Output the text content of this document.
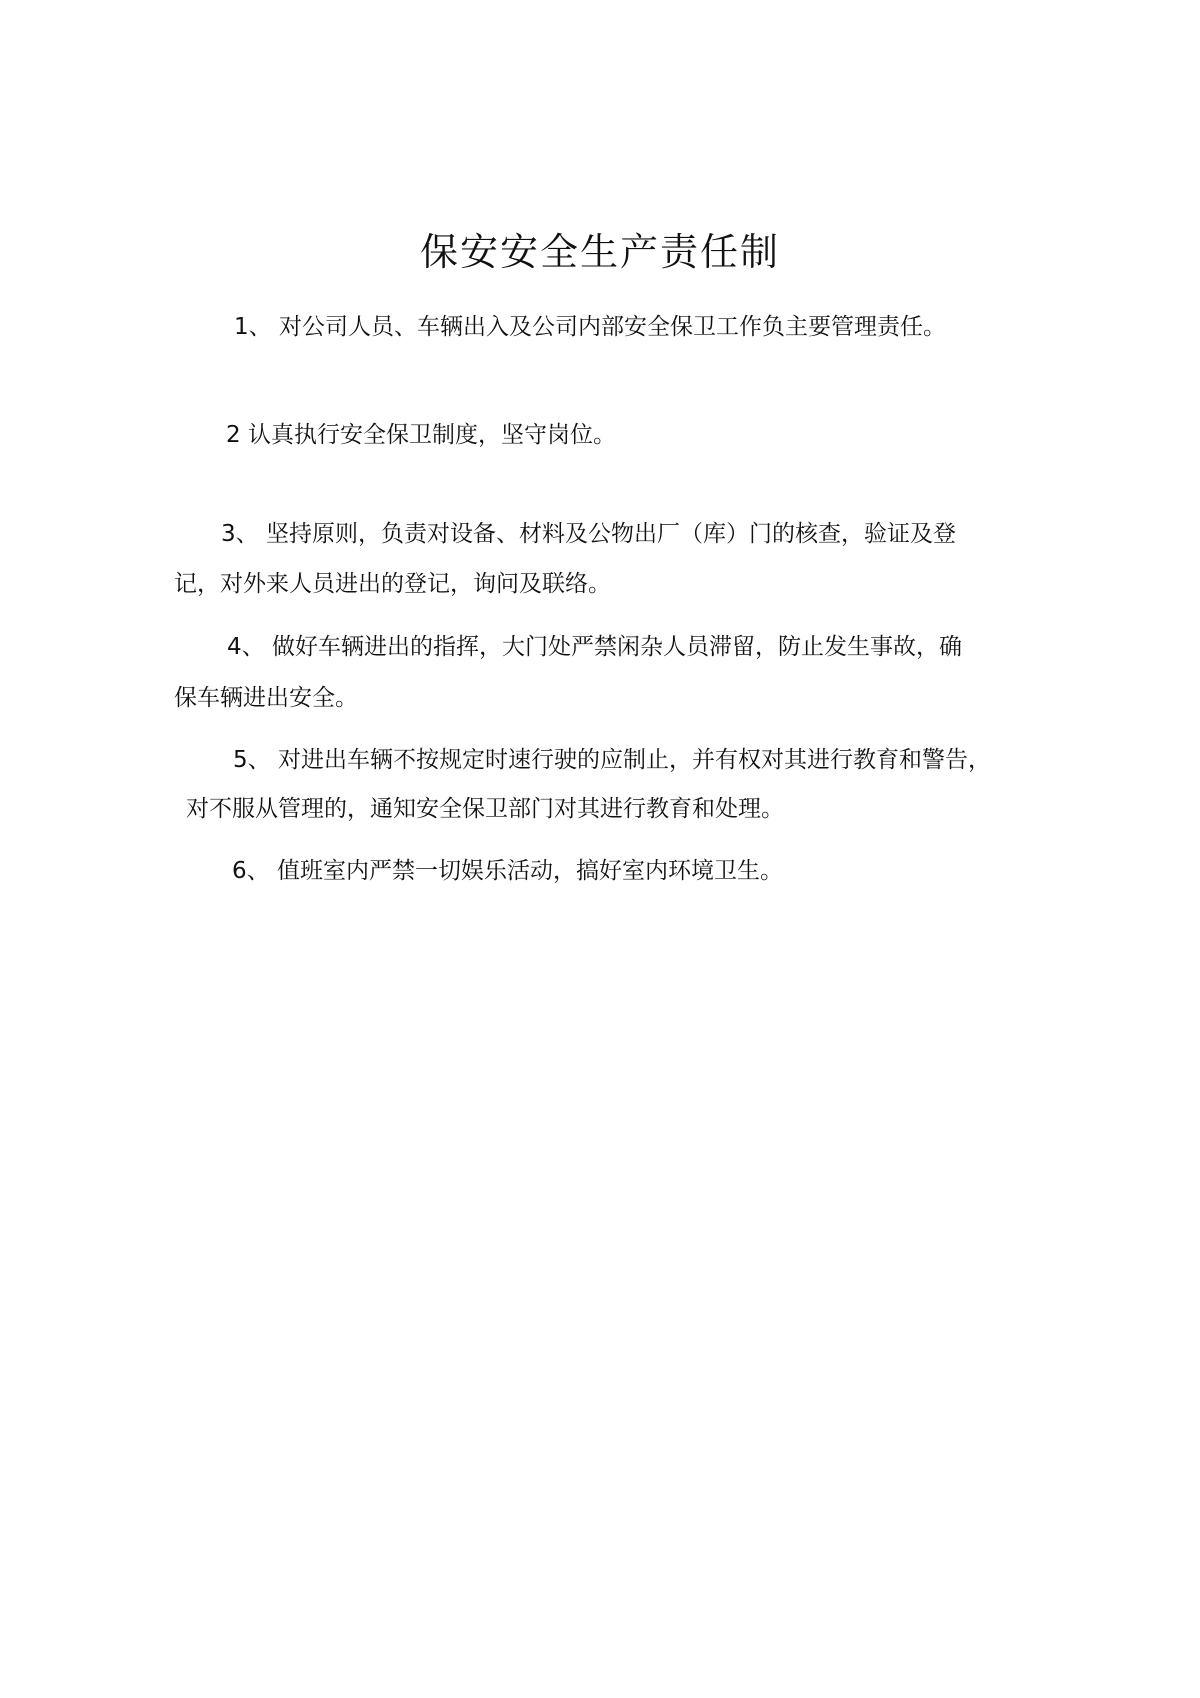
保安安全生产责任制

1、 对公司人员、车辆出入及公司内部安全保卫工作负主要管理责任。

2 认真执行安全保卫制度，坚守岗位。

3、 坚持原则，负责对设备、材料及公物出厂（库）门的核查，验证及登

记，对外来人员进出的登记，询问及联络。

4、 做好车辆进出的指挥，大门处严禁闲杂人员滞留，防止发生事故，确

保车辆进出安全。

5、 对进出车辆不按规定时速行驶的应制止，并有权对其进行教育和警告，

对不服从管理的，通知安全保卫部门对其进行教育和处理。

6、 值班室内严禁一切娱乐活动，搞好室内环境卫生。
